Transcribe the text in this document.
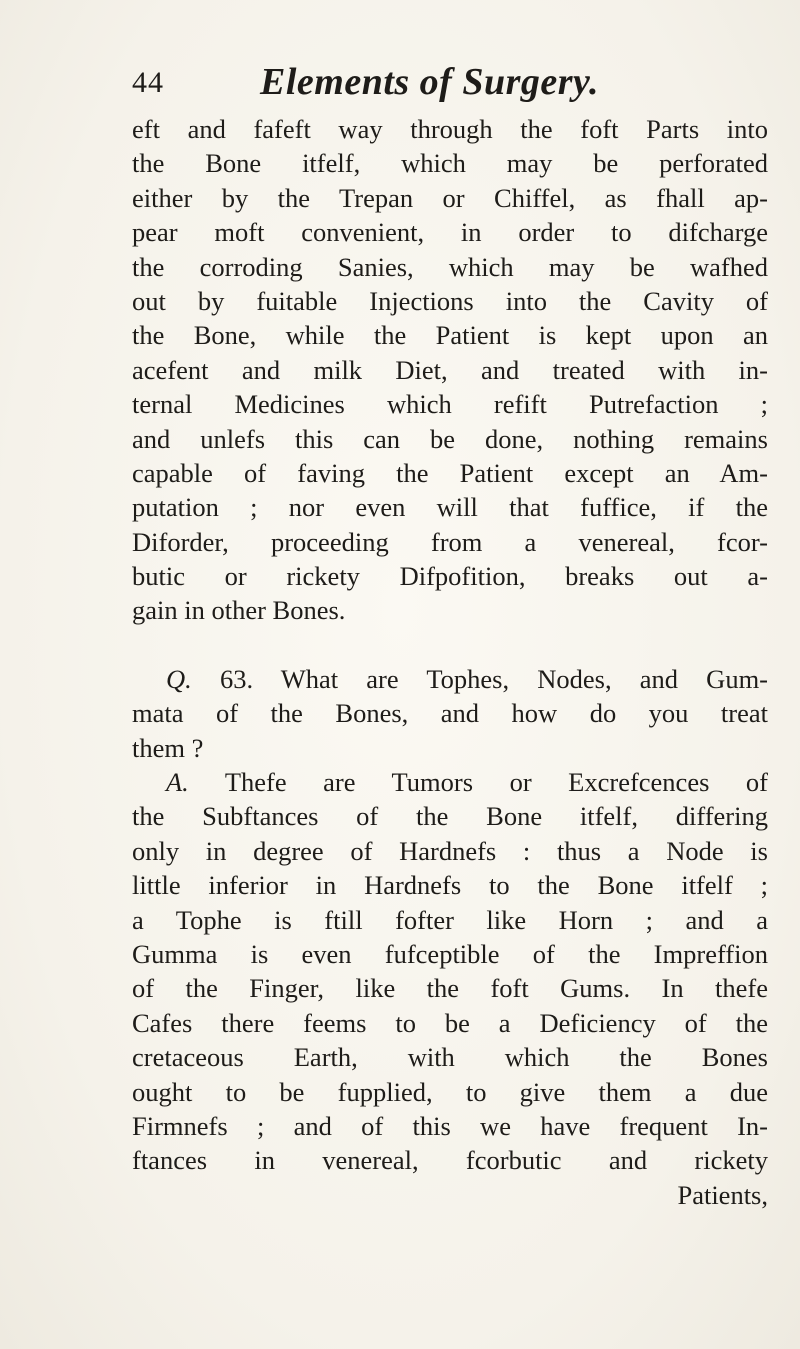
44	Elements of Surgery.
eft and fafeft way through the foft Parts into
the Bone itfelf, which may be perforated
either by the Trepan or Chiffel, as fhall ap-
pear moft convenient, in order to difcharge
the corroding Sanies, which may be wafhed
out by fuitable Injections into the Cavity of
the Bone, while the Patient is kept upon an
acefent and milk Diet, and treated with in-
ternal Medicines which refift Putrefaction ;
and unlefs this can be done, nothing remains
capable of faving the Patient except an Am-
putation ; nor even will that fuffice, if the
Diforder, proceeding from a venereal, fcor-
butic or rickety Difpofition, breaks out a-
gain in other Bones.
Q. 63. What are Tophes, Nodes, and Gum-
mata of the Bones, and how do you treat
them ?
A. Thefe are Tumors or Excrefcences of
the Subftances of the Bone itfelf, differing
only in degree of Hardnefs : thus a Node is
little inferior in Hardnefs to the Bone itfelf ;
a Tophe is ftill fofter like Horn ; and a
Gumma is even fufceptible of the Impreffion
of the Finger, like the foft Gums. In thefe
Cafes there feems to be a Deficiency of the
cretaceous Earth, with which the Bones
ought to be fupplied, to give them a due
Firmnefs ; and of this we have frequent In-
ftances in venereal, fcorbutic and rickety
Patients,
